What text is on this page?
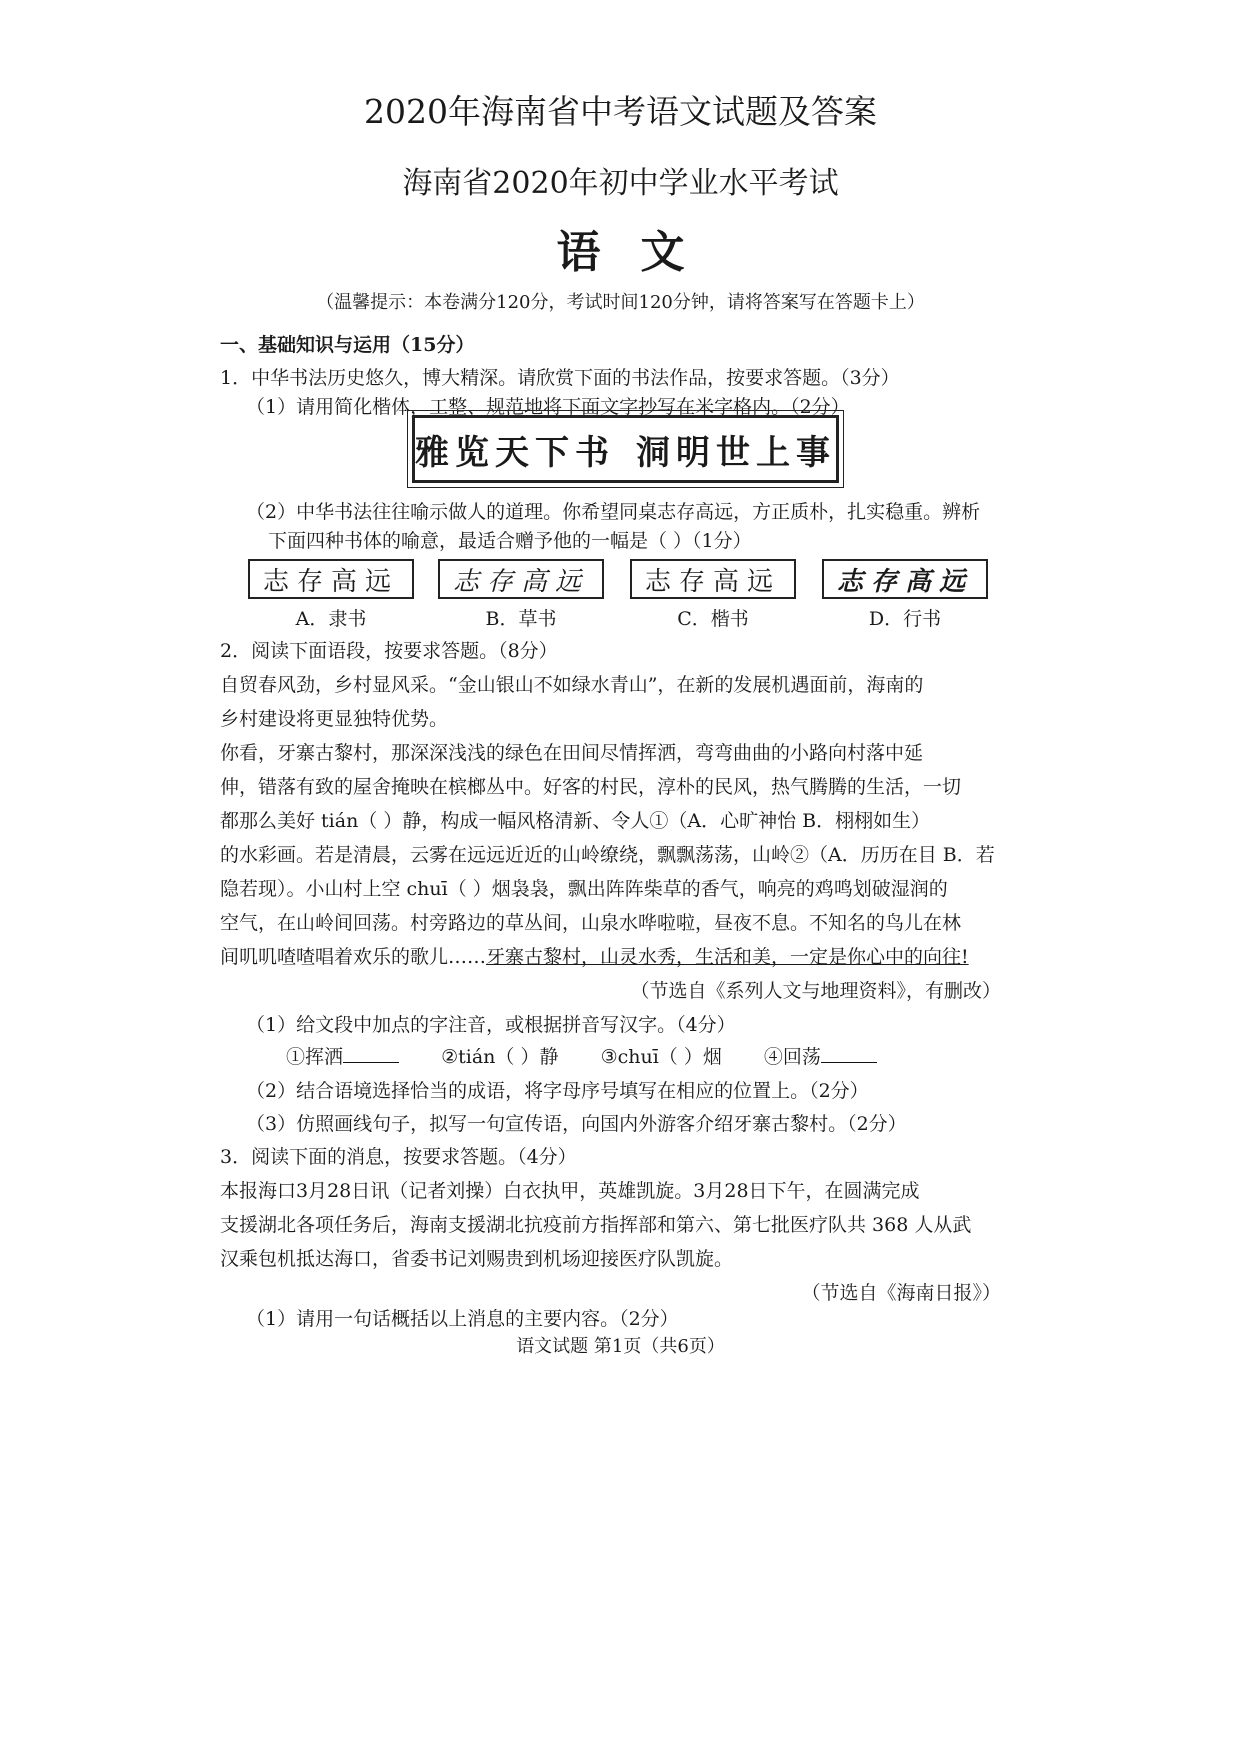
2020年海南省中考语文试题及答案
海南省2020年初中学业水平考试
语文
（温馨提示：本卷满分120分，考试时间120分钟，请将答案写在答题卡上）
一、基础知识与运用（15分）
1．中华书法历史悠久，博大精深。请欣赏下面的书法作品，按要求答题。（3分）
（1）请用简化楷体，工整、规范地将下面文字抄写在米字格内。（2分）
雅览天下书 洞明世上事
（2）中华书法往往喻示做人的道理。你希望同桌志存高远，方正质朴，扎实稳重。辨析
下面四种书体的喻意，最适合赠予他的一幅是（ ）（1分）
志存高远	志存高远	志存高远	志存高远
A．隶书	B．草书	C．楷书	D．行书
2．阅读下面语段，按要求答题。（8分）
自贸春风劲，乡村显风采。“金山银山不如绿水青山”，在新的发展机遇面前，海南的
乡村建设将更显独特优势。
你看，牙寨古黎村，那深深浅浅的绿色在田间尽情挥洒，弯弯曲曲的小路向村落中延
伸，错落有致的屋舍掩映在槟榔丛中。好客的村民，淳朴的民风，热气腾腾的生活，一切
都那么美好 tián（ ）静，构成一幅风格清新、令人①（A．心旷神怡 B．栩栩如生）
的水彩画。若是清晨，云雾在远远近近的山岭缭绕，飘飘荡荡，山岭②（A．历历在目 B．若
隐若现）。小山村上空 chuī（ ）烟袅袅，飘出阵阵柴草的香气，响亮的鸡鸣划破湿润的
空气，在山岭间回荡。村旁路边的草丛间，山泉水哗啦啦，昼夜不息。不知名的鸟儿在林
间叽叽喳喳唱着欢乐的歌儿……牙寨古黎村，山灵水秀，生活和美，一定是你心中的向往!
（节选自《系列人文与地理资料》，有删改）
（1）给文段中加点的字注音，或根据拼音写汉字。（4分）
①挥洒	②tián（ ）静 ③chuī（ ）烟 ④回荡
（2）结合语境选择恰当的成语，将字母序号填写在相应的位置上。（2分）
（3）仿照画线句子，拟写一句宣传语，向国内外游客介绍牙寨古黎村。（2分）
3．阅读下面的消息，按要求答题。（4分）
本报海口3月28日讯（记者刘操）白衣执甲，英雄凯旋。3月28日下午，在圆满完成
支援湖北各项任务后，海南支援湖北抗疫前方指挥部和第六、第七批医疗队共 368 人从武
汉乘包机抵达海口，省委书记刘赐贵到机场迎接医疗队凯旋。
（节选自《海南日报》）
（1）请用一句话概括以上消息的主要内容。（2分）
语文试题 第1页（共6页）
